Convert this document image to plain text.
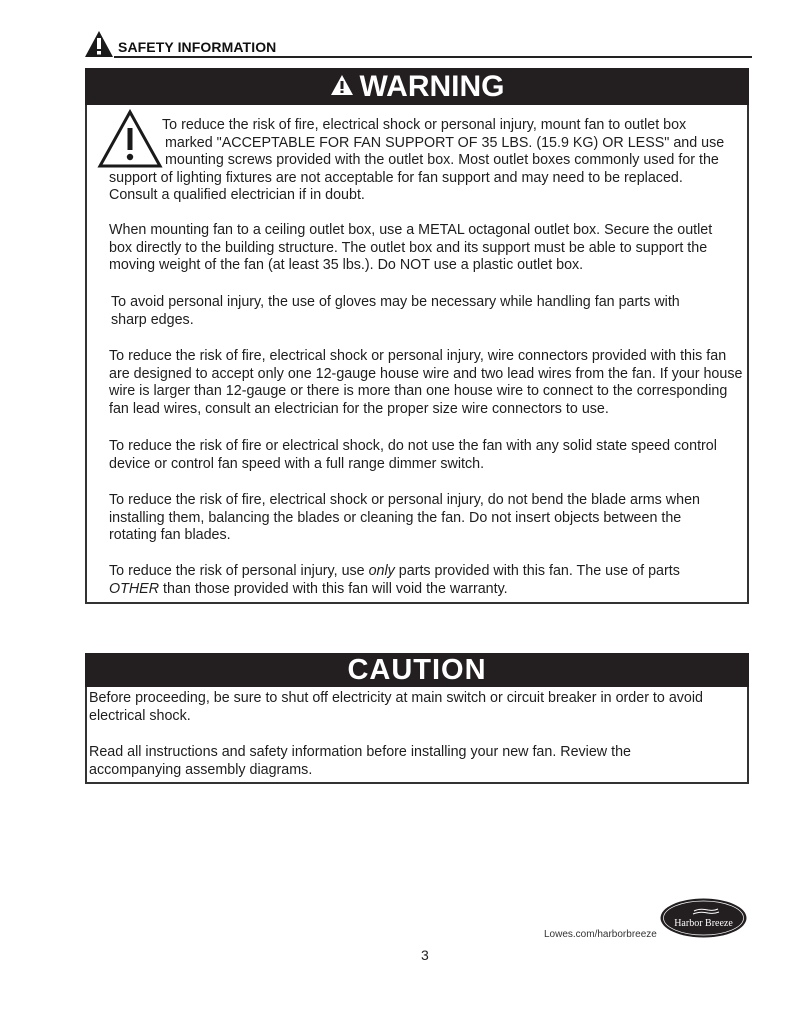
SAFETY INFORMATION
WARNING
To reduce the risk of fire, electrical shock or personal injury, mount fan to outlet box
marked "ACCEPTABLE FOR FAN SUPPORT OF 35 LBS. (15.9 KG) OR LESS" and use
mounting screws provided with the outlet box. Most outlet boxes commonly used for the
support of lighting fixtures are not acceptable for fan support and may need to be replaced.
Consult a qualified electrician if in doubt.
When mounting fan to a ceiling outlet box, use a METAL octagonal outlet box. Secure the outlet box directly to the building structure. The outlet box and its support must be able to support the moving weight of the fan (at least 35 lbs.). Do NOT use a plastic outlet box.
To avoid personal injury, the use of gloves may be necessary while handling fan parts with sharp edges.
To reduce the risk of fire, electrical shock or personal injury, wire connectors provided with this fan are designed to accept only one 12-gauge house wire and two lead wires from the fan. If your house wire is larger than 12-gauge or there is more than one house wire to connect to the corresponding fan lead wires, consult an electrician for the proper size wire connectors to use.
To reduce the risk of fire or electrical shock, do not use the fan with any solid state speed control device or control fan speed with a full range dimmer switch.
To reduce the risk of fire, electrical shock or personal injury, do not bend the blade arms when installing them, balancing the blades or cleaning the fan. Do not insert objects between the rotating fan blades.
To reduce the risk of personal injury, use only parts provided with this fan. The use of parts OTHER than those provided with this fan will void the warranty.
CAUTION
Before proceeding, be sure to shut off electricity at main switch or circuit breaker in order to avoid electrical shock.
Read all instructions and safety information before installing your new fan. Review the accompanying assembly diagrams.
Lowes.com/harborbreeze
Harbor Breeze
3
